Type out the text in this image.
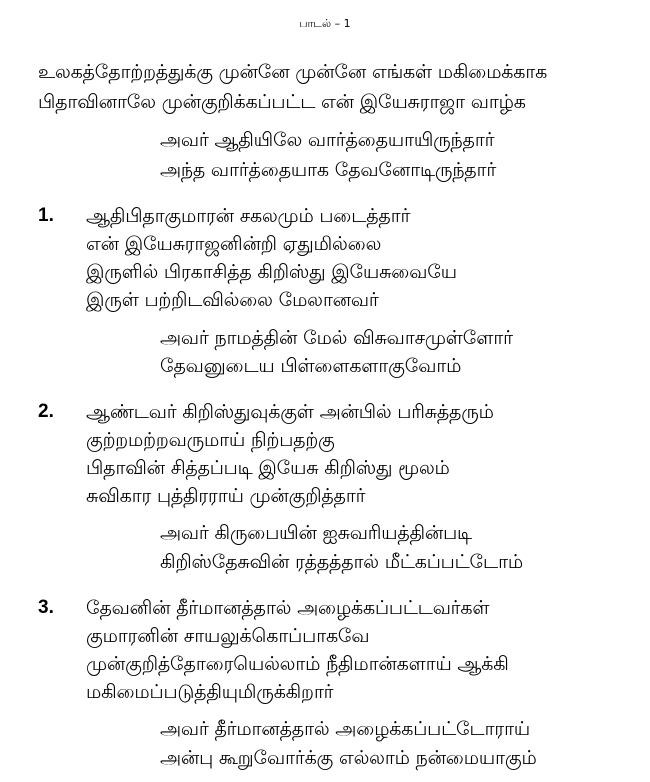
பாடல் – 1
உலகத்தோற்றத்துக்கு முன்னே முன்னே எங்கள் மகிமைக்காக
பிதாவினாலே முன்குறிக்கப்பட்ட என் இயேசுராஜா வாழ்க
அவர் ஆதியிலே வார்த்தையாயிருந்தார்
அந்த வார்த்தையாக தேவனோடிருந்தார்
1. ஆதிபிதாகுமாரன் சகலமும் படைத்தார்
என் இயேசுராஜனின்றி ஏதுமில்லை
இருளில் பிரகாசித்த கிறிஸ்து இயேசுவையே
இருள் பற்றிடவில்லை மேலானவர்
அவர் நாமத்தின் மேல் விசுவாசமுள்ளோர்
தேவனுடைய பிள்ளைகளாகுவோம்
2. ஆண்டவர் கிறிஸ்துவுக்குள் அன்பில் பரிசுத்தரும்
குற்றமற்றவருமாய் நிற்பதற்கு
பிதாவின் சித்தப்படி இயேசு கிறிஸ்து மூலம்
சுவிகார புத்திரராய் முன்குறித்தார்
அவர் கிருபையின் ஐசுவரியத்தின்படி
கிறிஸ்தேசுவின் ரத்தத்தால் மீட்கப்பட்டோம்
3. தேவனின் தீர்மானத்தால் அழைக்கப்பட்டவர்கள்
குமாரனின் சாயலுக்கொப்பாகவே
முன்குறித்தோரையெல்லாம் நீதிமான்களாய் ஆக்கி
மகிமைப்படுத்தியுமிருக்கிறார்
அவர் தீர்மானத்தால் அழைக்கப்பட்டோராய்
அன்பு கூறுவோர்க்கு எல்லாம் நன்மையாகும்
